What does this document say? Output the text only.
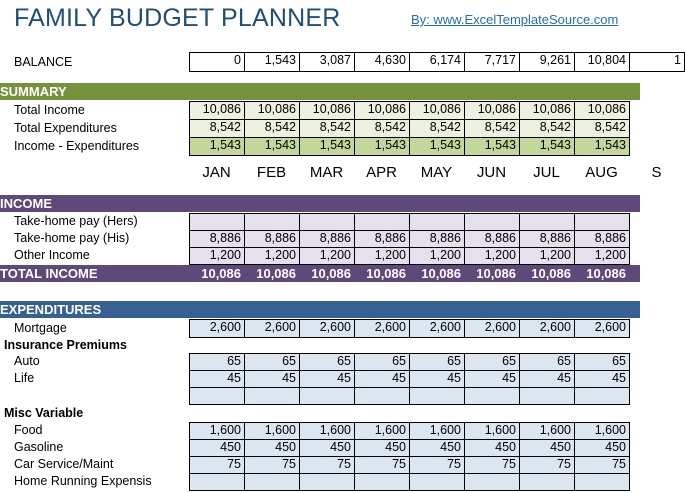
FAMILY BUDGET PLANNER	By: www.ExcelTemplateSource.com
BALANCE	0	1,543	3,087	4,630	6,174	7,717	9,261	10,804	1
SUMMARY
Total Income	10,086	10,086	10,086	10,086	10,086	10,086	10,086	10,086
Total Expenditures	8,542	8,542	8,542	8,542	8,542	8,542	8,542	8,542
Income - Expenditures	1,543	1,543	1,543	1,543	1,543	1,543	1,543	1,543
JAN	FEB	MAR	APR	MAY	JUN	JUL	AUG	S
INCOME
Take-home pay (Hers)
Take-home pay (His)	8,886	8,886	8,886	8,886	8,886	8,886	8,886	8,886
Other Income	1,200	1,200	1,200	1,200	1,200	1,200	1,200	1,200
TOTAL INCOME	10,086	10,086	10,086	10,086	10,086	10,086	10,086	10,086	1
EXPENDITURES
Mortgage	2,600	2,600	2,600	2,600	2,600	2,600	2,600	2,600
Insurance Premiums
Auto	65	65	65	65	65	65	65	65
Life	45	45	45	45	45	45	45	45
Misc Variable
Food	1,600	1,600	1,600	1,600	1,600	1,600	1,600	1,600
Gasoline	450	450	450	450	450	450	450	450
Car Service/Maint	75	75	75	75	75	75	75	75
Home Running Expensis
